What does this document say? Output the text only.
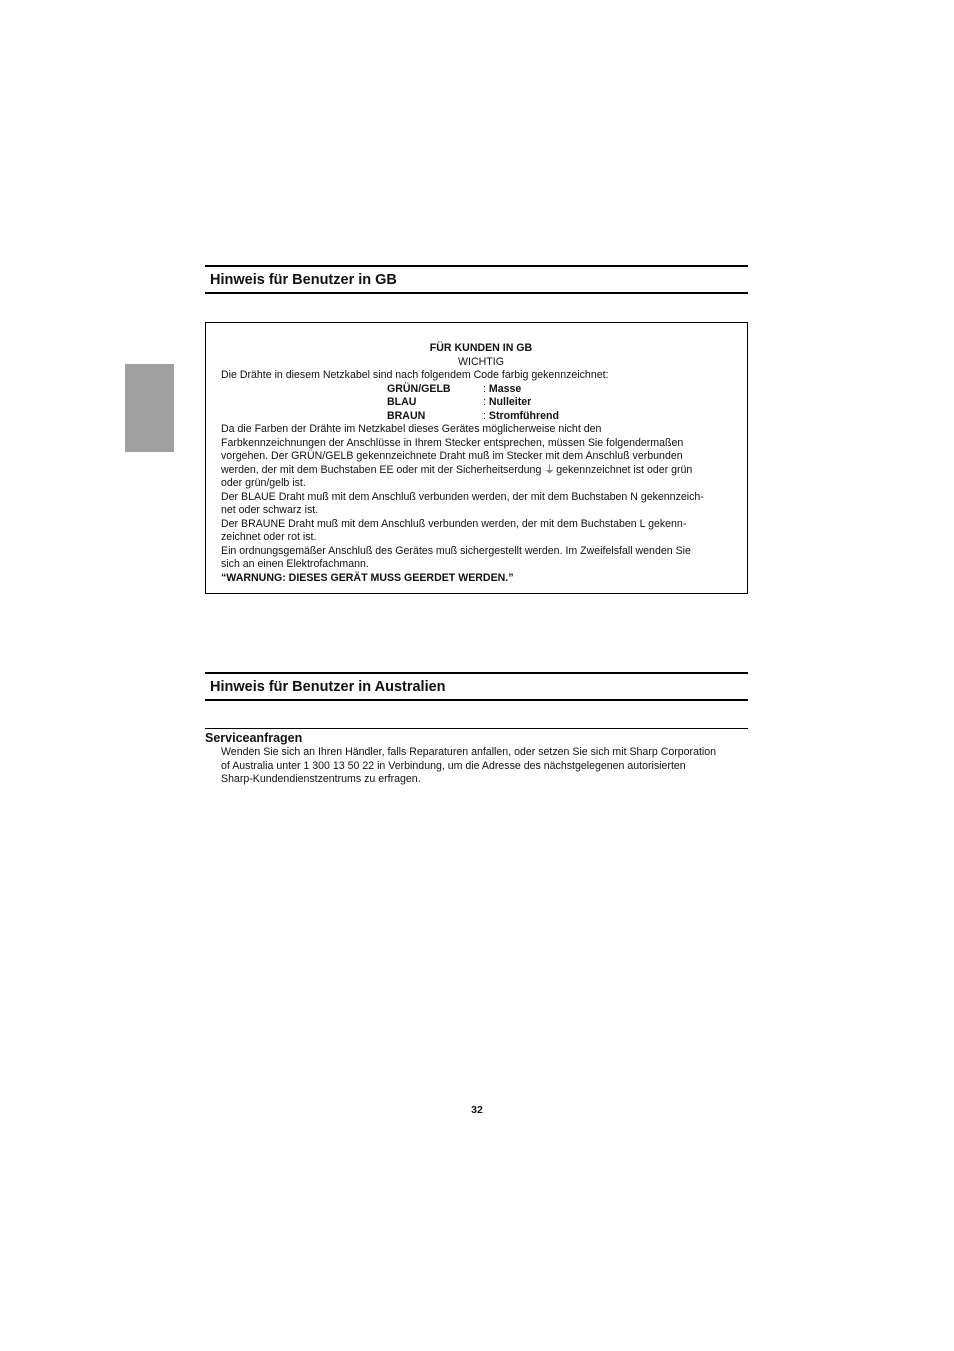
Hinweis für Benutzer in GB

FÜR KUNDEN IN GB

WICHTIG

Die Drähte in diesem Netzkabel sind nach folgendem Code farbig gekennzeichnet:

GRÜN/GELB	: Masse
BLAU	: Nulleiter
BRAUN	: Stromführend

Da die Farben der Drähte im Netzkabel dieses Gerätes möglicherweise nicht den

Farbkennzeichnungen der Anschlüsse in Ihrem Stecker entsprechen, müssen Sie folgendermaßen

vorgehen. Der GRÜN/GELB gekennzeichnete Draht muß im Stecker mit dem Anschluß verbunden

werden, der mit dem Buchstaben EE oder mit der Sicherheitserdung ⏚ gekennzeichnet ist oder grün

oder grün/gelb ist.

Der BLAUE Draht muß mit dem Anschluß verbunden werden, der mit dem Buchstaben N gekennzeich-

net oder schwarz ist.

Der BRAUNE Draht muß mit dem Anschluß verbunden werden, der mit dem Buchstaben L gekenn-

zeichnet oder rot ist.

Ein ordnungsgemäßer Anschluß des Gerätes muß sichergestellt werden. Im Zweifelsfall wenden Sie

sich an einen Elektrofachmann.

“WARNUNG: DIESES GERÄT MUSS GEERDET WERDEN.”

Hinweis für Benutzer in Australien
Serviceanfragen

Wenden Sie sich an Ihren Händler, falls Reparaturen anfallen, oder setzen Sie sich mit Sharp Corporation

of Australia unter 1 300 13 50 22 in Verbindung, um die Adresse des nächstgelegenen autorisierten

Sharp-Kundendienstzentrums zu erfragen.

32
